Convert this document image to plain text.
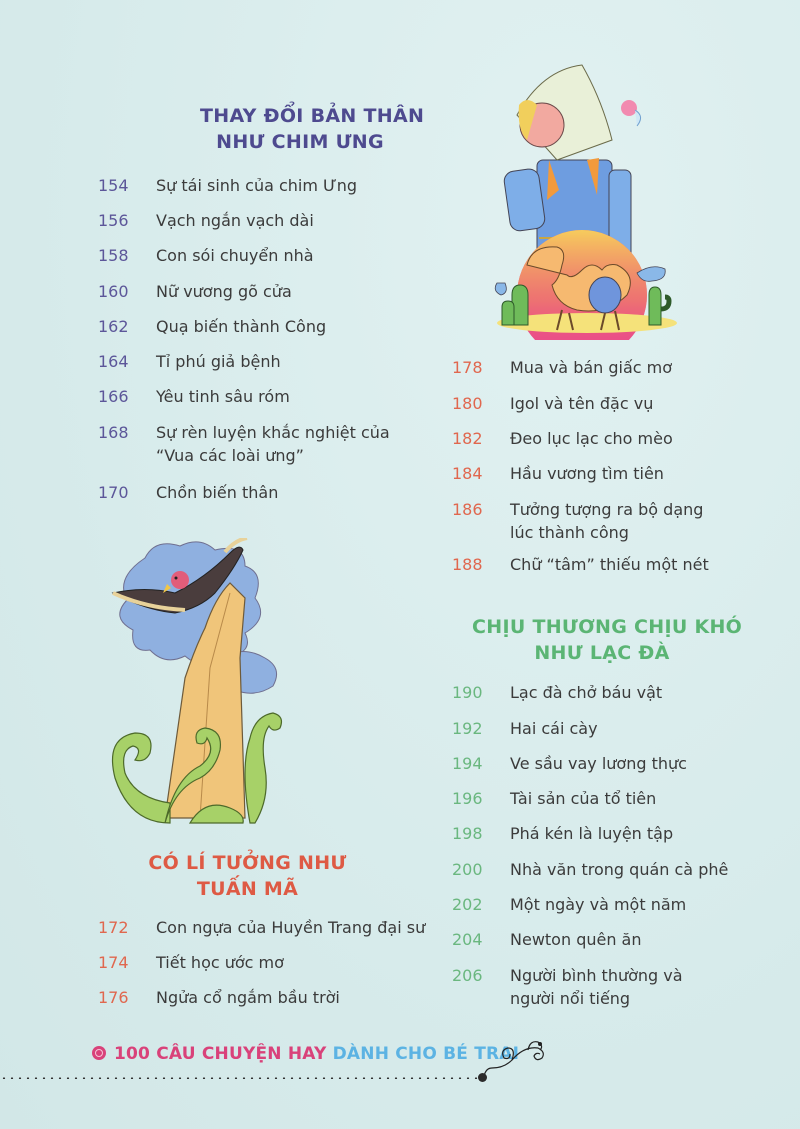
THAY ĐỔI BẢN THÂN
NHƯ CHIM ƯNG
154	Sự tái sinh của chim Ưng
156	Vạch ngắn vạch dài
158	Con sói chuyển nhà
160	Nữ vương gõ cửa
162	Quạ biến thành Công
164	Tỉ phú giả bệnh
166	Yêu tinh sâu róm
168	Sự rèn luyện khắc nghiệt của
“Vua các loài ưng”
170	Chồn biến thân
CÓ LÍ TƯỞNG NHƯ
TUẤN MÃ
172	Con ngựa của Huyền Trang đại sư
174	Tiết học ước mơ
176	Ngửa cổ ngắm bầu trời
178	Mua và bán giấc mơ
180	Igol và tên đặc vụ
182	Đeo lục lạc cho mèo
184	Hầu vương tìm tiên
186	Tưởng tượng ra bộ dạng
lúc thành công
188	Chữ “tâm” thiếu một nét
CHỊU THƯƠNG CHỊU KHÓ
NHƯ LẠC ĐÀ
190	Lạc đà chở báu vật
192	Hai cái cày
194	Ve sầu vay lương thực
196	Tài sản của tổ tiên
198	Phá kén là luyện tập
200	Nhà văn trong quán cà phê
202	Một ngày và một năm
204	Newton quên ăn
206	Người bình thường và
người nổi tiếng
100 CÂU CHUYỆN HAY DÀNH CHO BÉ TRAI
